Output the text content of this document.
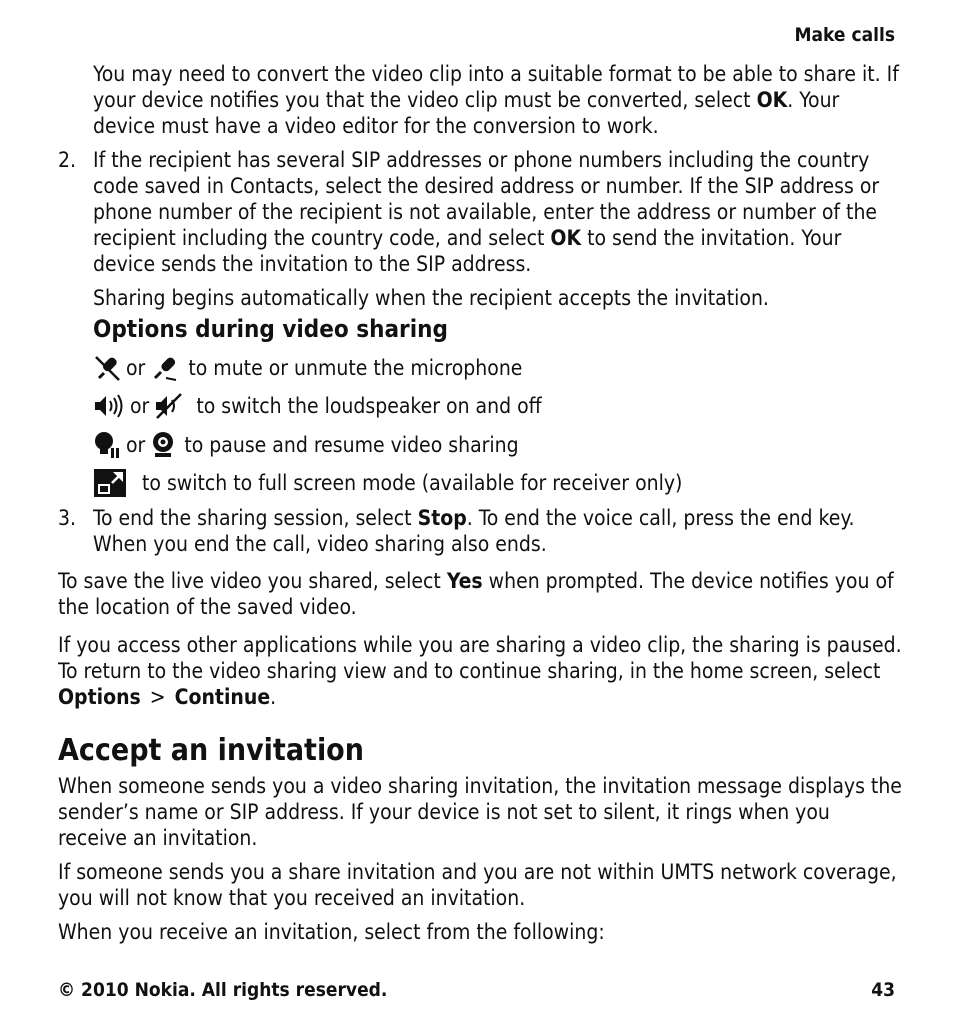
Make calls
You may need to convert the video clip into a suitable format to be able to share it. If your device notifies you that the video clip must be converted, select OK. Your device must have a video editor for the conversion to work.
2. If the recipient has several SIP addresses or phone numbers including the country code saved in Contacts, select the desired address or number. If the SIP address or phone number of the recipient is not available, enter the address or number of the recipient including the country code, and select OK to send the invitation. Your device sends the invitation to the SIP address.
Sharing begins automatically when the recipient accepts the invitation.
Options during video sharing
or to mute or unmute the microphone
or to switch the loudspeaker on and off
or to pause and resume video sharing
to switch to full screen mode (available for receiver only)
3. To end the sharing session, select Stop. To end the voice call, press the end key. When you end the call, video sharing also ends.
To save the live video you shared, select Yes when prompted. The device notifies you of the location of the saved video.
If you access other applications while you are sharing a video clip, the sharing is paused. To return to the video sharing view and to continue sharing, in the home screen, select Options > Continue.
Accept an invitation
When someone sends you a video sharing invitation, the invitation message displays the sender’s name or SIP address. If your device is not set to silent, it rings when you receive an invitation.
If someone sends you a share invitation and you are not within UMTS network coverage, you will not know that you received an invitation.
When you receive an invitation, select from the following:
© 2010 Nokia. All rights reserved.	43
